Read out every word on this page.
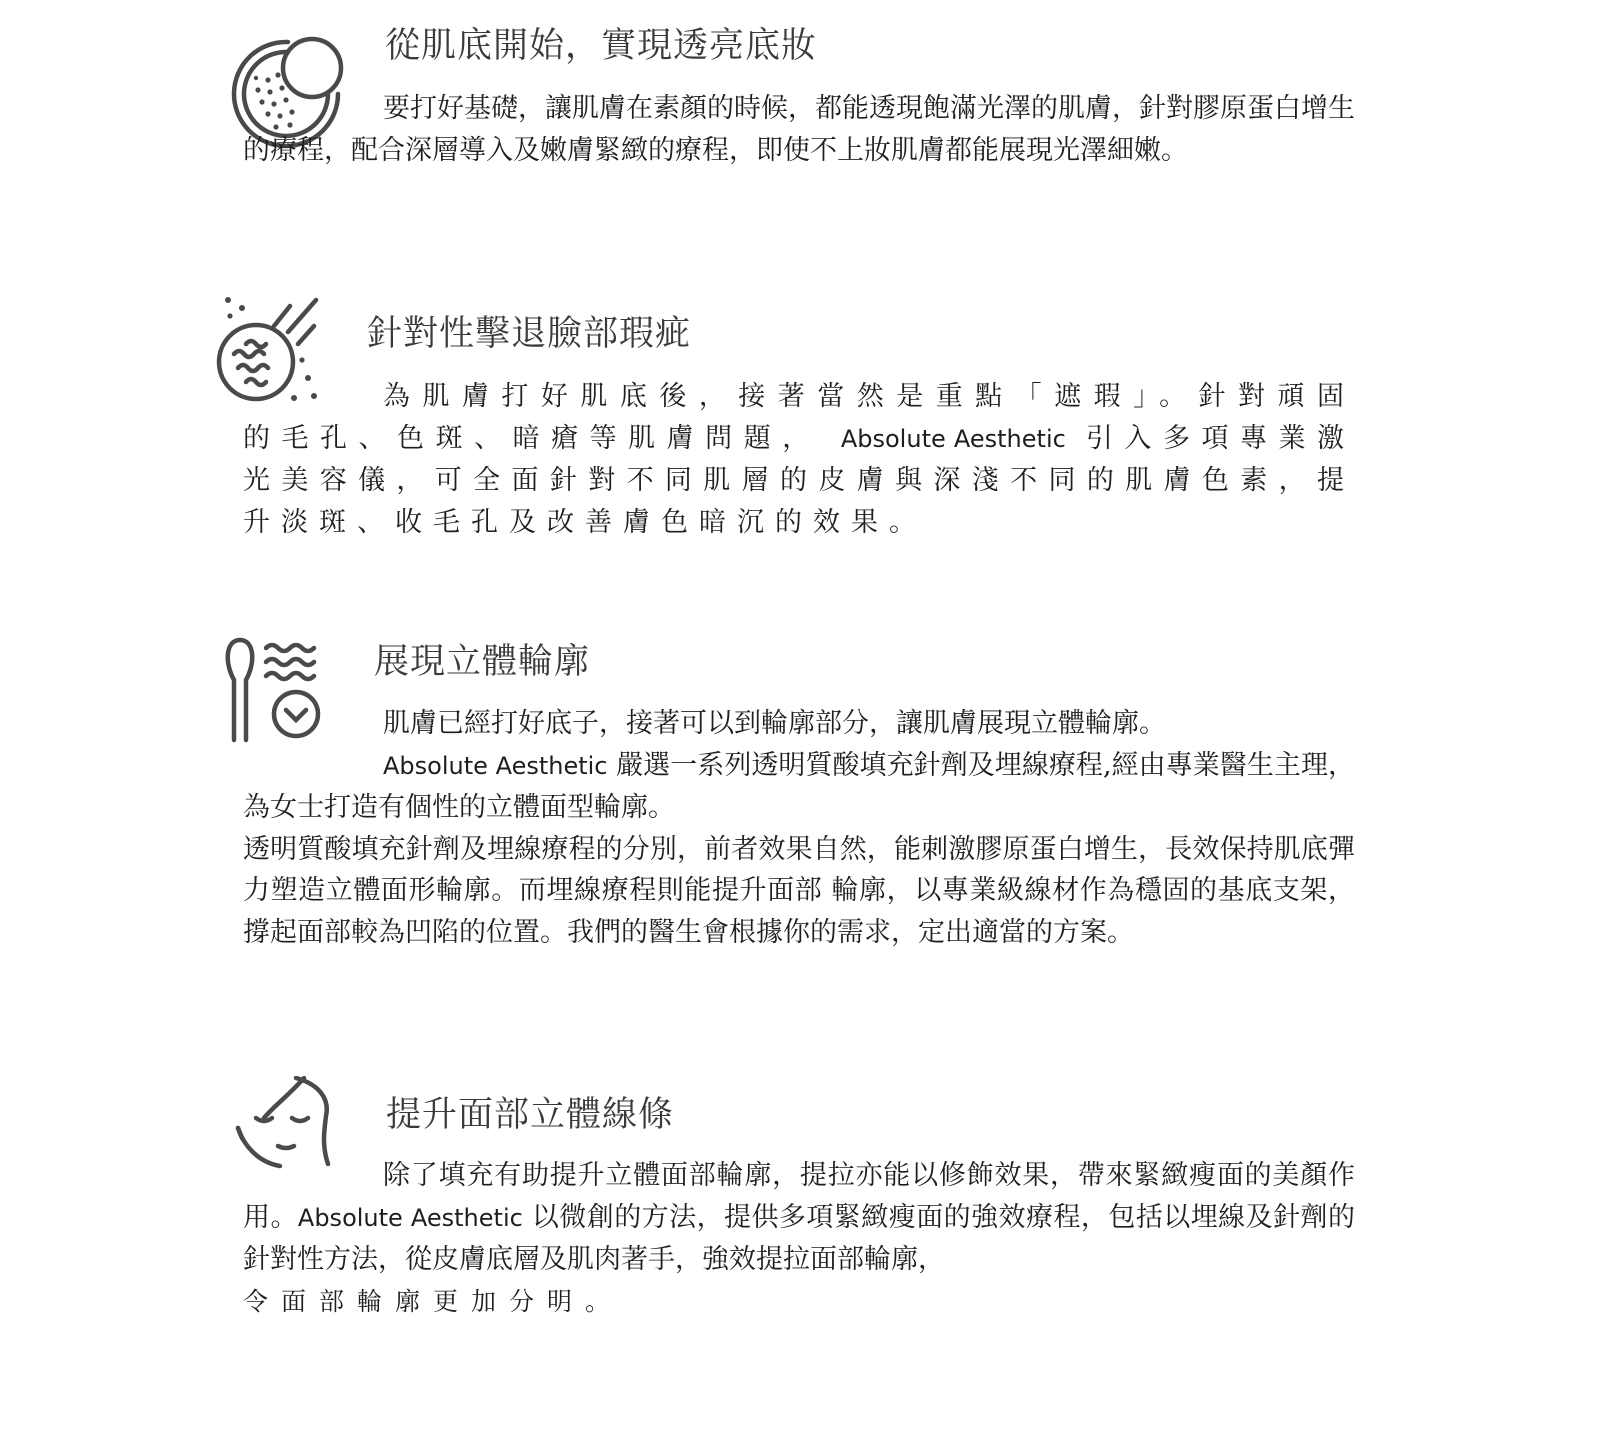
從肌底開始，實現透亮底妝

要打好基礎，讓肌膚在素顏的時候，都能透現飽滿光澤的肌膚，針對膠原蛋白增生的療程，配合深層導入及嫩膚緊緻的療程，即使不上妝肌膚都能展現光澤細嫩。

針對性擊退臉部瑕疵

為肌膚打好肌底後，接著當然是重點「遮瑕」。針對頑固的毛孔、色斑、暗瘡等肌膚問題， Absolute Aesthetic 引入多項專業激光美容儀，可全面針對不同肌層的皮膚與深淺不同的肌膚色素，提升淡斑、收毛孔及改善膚色暗沉的效果。

展現立體輪廓

肌膚已經打好底子，接著可以到輪廓部分，讓肌膚展現立體輪廓。
Absolute Aesthetic 嚴選一系列透明質酸填充針劑及埋線療程,經由專業醫生主理，為女士打造有個性的立體面型輪廓。

透明質酸填充針劑及埋線療程的分別，前者效果自然，能刺激膠原蛋白增生，長效保持肌底彈力塑造立體面形輪廓。而埋線療程則能提升面部 輪廓，以專業級線材作為穩固的基底支架，撐起面部較為凹陷的位置。我們的醫生會根據你的需求，定出適當的方案。

提升面部立體線條

除了填充有助提升立體面部輪廓，提拉亦能以修飾效果，帶來緊緻瘦面的美顏作用。Absolute Aesthetic 以微創的方法，提供多項緊緻瘦面的強效療程，包括以埋線及針劑的針對性方法，從皮膚底層及肌肉著手，強效提拉面部輪廓，

令面部輪廓更加分明。
